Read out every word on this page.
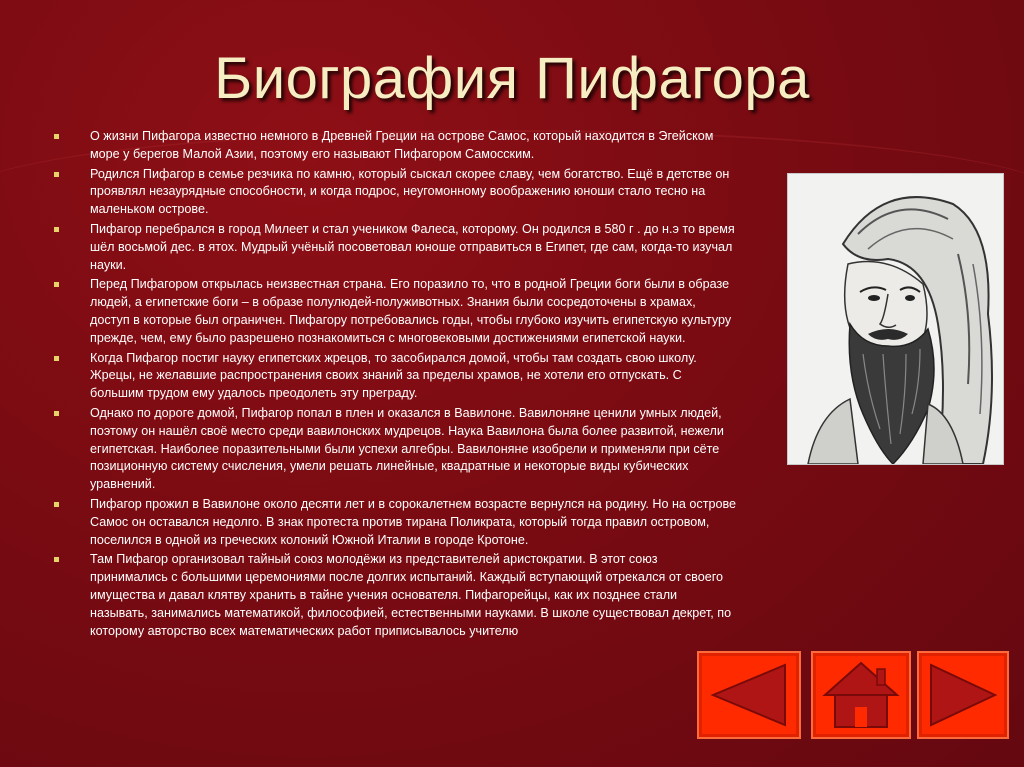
Биография Пифагора
О жизни Пифагора известно немного в Древней Греции на острове Самос, который находится в Эгейском море у берегов Малой Азии, поэтому его называют Пифагором Самосским.
Родился Пифагор в семье резчика по камню, который сыскал скорее славу, чем богатство. Ещё в детстве он проявлял незаурядные способности, и когда подрос, неугомонному воображению юноши стало тесно на маленьком острове.
Пифагор перебрался в город Милеет и стал учеником Фалеса, которому. Он родился в 580 г . до н.э то время шёл восьмой дес. в ятох. Мудрый учёный посоветовал юноше отправиться в Египет, где сам, когда-то изучал науки.
Перед Пифагором открылась неизвестная страна. Его поразило то, что в родной Греции боги были в образе людей, а египетские боги – в образе полулюдей-полуживотных. Знания были сосредоточены в храмах, доступ в которые был ограничен. Пифагору потребовались годы, чтобы глубоко изучить египетскую культуру прежде, чем, ему было разрешено познакомиться с многовековыми достижениями египетской науки.
Когда Пифагор постиг науку египетских жрецов, то засобирался домой, чтобы там создать свою школу. Жрецы, не желавшие распространения своих знаний за пределы храмов, не хотели его отпускать. С большим трудом ему удалось преодолеть эту преграду.
Однако по дороге домой, Пифагор попал в плен и оказался в Вавилоне. Вавилоняне ценили умных людей, поэтому он нашёл своё место среди вавилонских мудрецов. Наука Вавилона была более развитой, нежели египетская. Наиболее поразительными были успехи алгебры. Вавилоняне изобрели и применяли при сёте позиционную систему счисления, умели решать линейные, квадратные и некоторые виды кубических уравнений.
Пифагор прожил в Вавилоне около десяти лет и в сорокалетнем возрасте вернулся на родину. Но на острове Самос он оставался недолго. В знак протеста против тирана Поликрата, который тогда правил островом, поселился в одной из греческих колоний Южной Италии в городе Кротоне.
Там Пифагор организовал тайный союз молодёжи из представителей аристократии. В этот союз принимались с большими церемониями после долгих испытаний. Каждый вступающий отрекался от своего имущества и давал клятву хранить в тайне учения основателя. Пифагорейцы, как их позднее стали называть, занимались математикой, философией, естественными науками. В школе существовал декрет, по которому авторство всех математических работ приписывалось учителю
